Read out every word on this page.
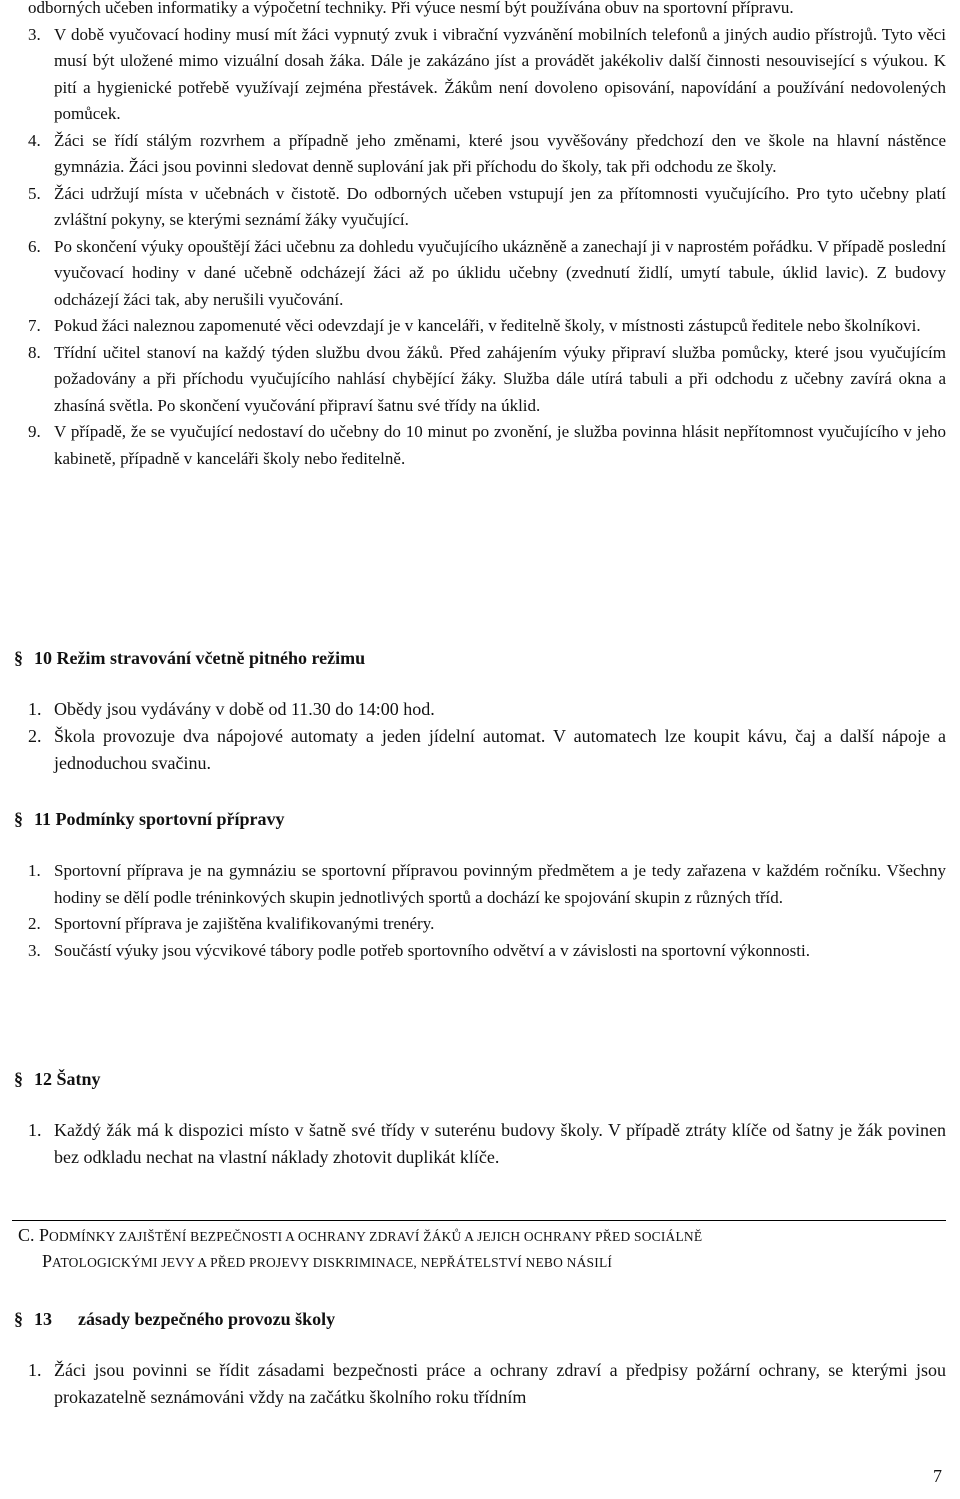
odborných učeben informatiky a výpočetní techniky. Při výuce nesmí být používána obuv na sportovní přípravu.

3. V době vyučovací hodiny musí mít žáci vypnutý zvuk i vibrační vyzvánění mobilních telefonů a jiných audio přístrojů. Tyto věci musí být uložené mimo vizuální dosah žáka. Dále je zakázáno jíst a provádět jakékoliv další činnosti nesouvisející s výukou. K pití a hygienické potřebě využívají zejména přestávek. Žákům není dovoleno opisování, napovídání a používání nedovolených pomůcek.
4. Žáci se řídí stálým rozvrhem a případně jeho změnami, které jsou vyvěšovány předchozí den ve škole na hlavní nástěnce gymnázia. Žáci jsou povinni sledovat denně suplování jak při příchodu do školy, tak při odchodu ze školy.
5. Žáci udržují místa v učebnách v čistotě. Do odborných učeben vstupují jen za přítomnosti vyučujícího. Pro tyto učebny platí zvláštní pokyny, se kterými seznámí žáky vyučující.
6. Po skončení výuky opouštějí žáci učebnu za dohledu vyučujícího ukázněně a zanechají ji v naprostém pořádku. V případě poslední vyučovací hodiny v dané učebně odcházejí žáci až po úklidu učebny (zvednutí židlí, umytí tabule, úklid lavic). Z budovy odcházejí žáci tak, aby nerušili vyučování.
7. Pokud žáci naleznou zapomenuté věci odevzdají je v kanceláři, v ředitelně školy, v místnosti zástupců ředitele nebo školníkovi.
8. Třídní učitel stanoví na každý týden službu dvou žáků. Před zahájením výuky připraví služba pomůcky, které jsou vyučujícím požadovány a při příchodu vyučujícího nahlásí chybějící žáky. Služba dále utírá tabuli a při odchodu z učebny zavírá okna a zhasíná světla. Po skončení vyučování připraví šatnu své třídy na úklid.
9. V případě, že se vyučující nedostaví do učebny do 10 minut po zvonění, je služba povinna hlásit nepřítomnost vyučujícího v jeho kabinetě, případně v kanceláři školy nebo ředitelně.
§ 10 Režim stravování včetně pitného režimu
1. Obědy jsou vydávány v době od 11.30 do 14:00 hod.
2. Škola provozuje dva nápojové automaty a jeden jídelní automat. V automatech lze koupit kávu, čaj a další nápoje a jednoduchou svačinu.
§ 11 Podmínky sportovní přípravy
1. Sportovní příprava je na gymnáziu se sportovní přípravou povinným předmětem a je tedy zařazena v každém ročníku. Všechny hodiny se dělí podle tréninkových skupin jednotlivých sportů a dochází ke spojování skupin z různých tříd.
2. Sportovní příprava je zajištěna kvalifikovanými trenéry.
3. Součástí výuky jsou výcvikové tábory podle potřeb sportovního odvětví a v závislosti na sportovní výkonnosti.
§ 12 Šatny
1. Každý žák má k dispozici místo v šatně své třídy v suterénu budovy školy. V případě ztráty klíče od šatny je žák povinen bez odkladu nechat na vlastní náklady zhotovit duplikát klíče.
C. PODMÍNKY ZAJIŠTĚNÍ BEZPEČNOSTI A OCHRANY ZDRAVÍ ŽÁKŮ A JEJICH OCHRANY PŘED SOCIÁLNĚ
PATOLOGICKÝMI JEVY A PŘED PROJEVY DISKRIMINACE, NEPŘÁTELSTVÍ NEBO NÁSILÍ
§ 13 zásady bezpečného provozu školy
1. Žáci jsou povinni se řídit zásadami bezpečnosti práce a ochrany zdraví a předpisy požární ochrany, se kterými jsou prokazatelně seznámováni vždy na začátku školního roku třídním
7
